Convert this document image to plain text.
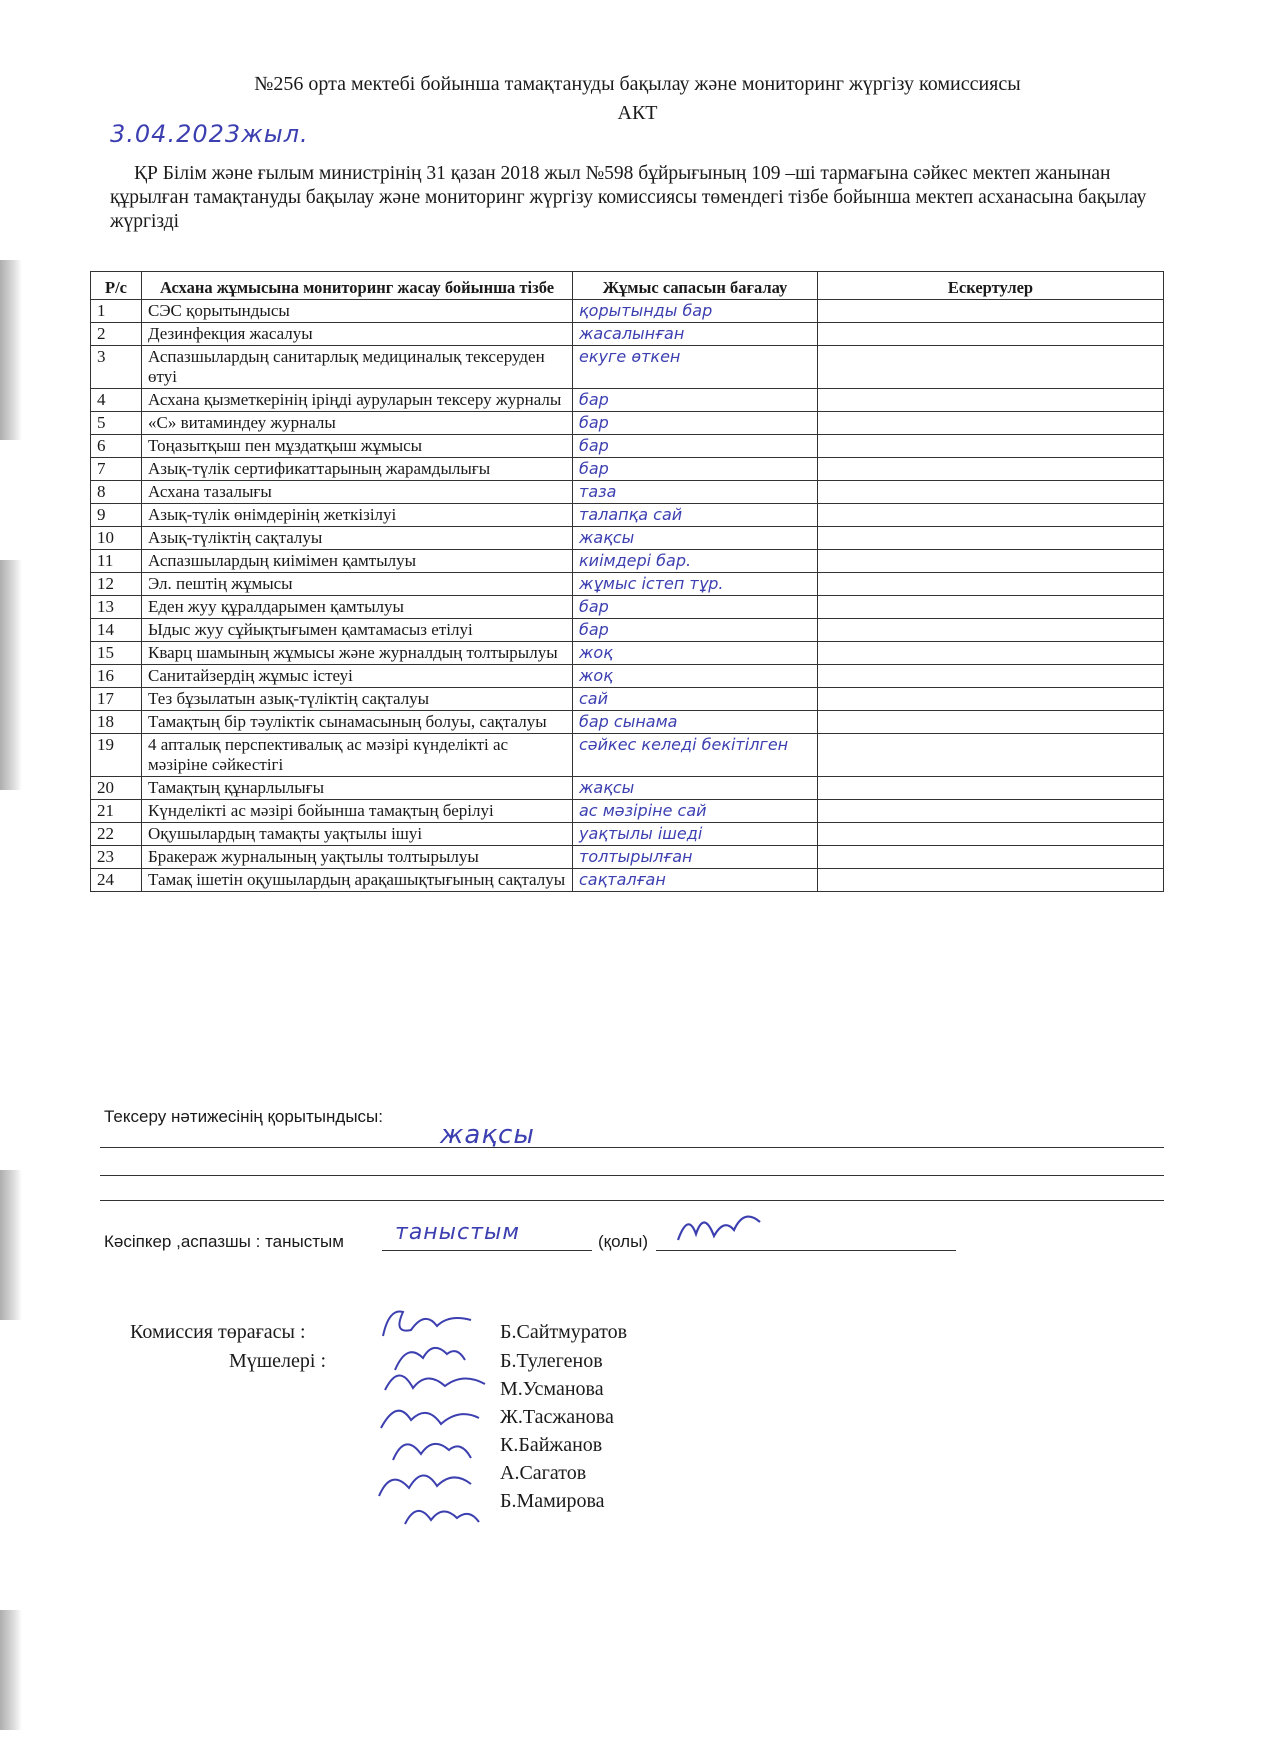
№256 орта мектебі бойынша тамақтануды бақылау және мониторинг жүргізу комиссиясы
АКТ
3.04.2023жыл.
ҚР Білім және ғылым министрінің 31 қазан 2018 жыл №598 бұйрығының 109 –ші тармағына сәйкес мектеп жанынан құрылған тамақтануды бақылау және мониторинг жүргізу комиссиясы төмендегі тізбе бойынша мектеп асханасына бақылау жүргізді
Р/с	Асхана жұмысына мониторинг жасау бойынша тізбе	Жұмыс сапасын бағалау	Ескертулер
1	СЭС қорытындысы	қорытынды бар	
2	Дезинфекция жасалуы	жасалынған	
3	Аспазшылардың санитарлық медициналық тексеруден өтуі	екуге өткен	
4	Асхана қызметкерінің іріңді ауруларын тексеру журналы	бар	
5	«С» витаминдеу журналы	бар	
6	Тоңазытқыш пен мұздатқыш жұмысы	бар	
7	Азық-түлік сертификаттарының жарамдылығы	бар	
8	Асхана тазалығы	таза	
9	Азық-түлік өнімдерінің жеткізілуі	талапқа сай	
10	Азық-түліктің сақталуы	жақсы	
11	Аспазшылардың киімімен қамтылуы	киімдері бар.	
12	Эл. пештің жұмысы	жұмыс істеп тұр.	
13	Еден жуу құралдарымен қамтылуы	бар	
14	Ыдыс жуу сұйықтығымен қамтамасыз етілуі	бар	
15	Кварц шамының жұмысы және журналдың толтырылуы	жоқ	
16	Санитайзердің жұмыс істеуі	жоқ	
17	Тез бұзылатын азық-түліктің сақталуы	сай	
18	Тамақтың бір тәуліктік сынамасының болуы, сақталуы	бар сынама	
19	4 апталық перспективалық ас мәзірі күнделікті ас мәзіріне сәйкестігі	сәйкес келеді бекітілген	
20	Тамақтың құнарлылығы	жақсы	
21	Күнделікті ас мәзірі бойынша тамақтың берілуі	ас мәзіріне сай	
22	Оқушылардың тамақты уақтылы ішуі	уақтылы ішеді	
23	Бракераж журналының уақтылы толтырылуы	толтырылған	
24	Тамақ ішетін оқушылардың арақашықтығының сақталуы	сақталған	
Тексеру нәтижесінің қорытындысы:
жақсы
Кәсіпкер ,аспазшы : таныстым таныстым	(қолы)
Комиссия төрағасы :
Мүшелері :
Б.Сайтмуратов
Б.Тулегенов
М.Усманова
Ж.Тасжанова
К.Байжанов
А.Сагатов
Б.Мамирова
